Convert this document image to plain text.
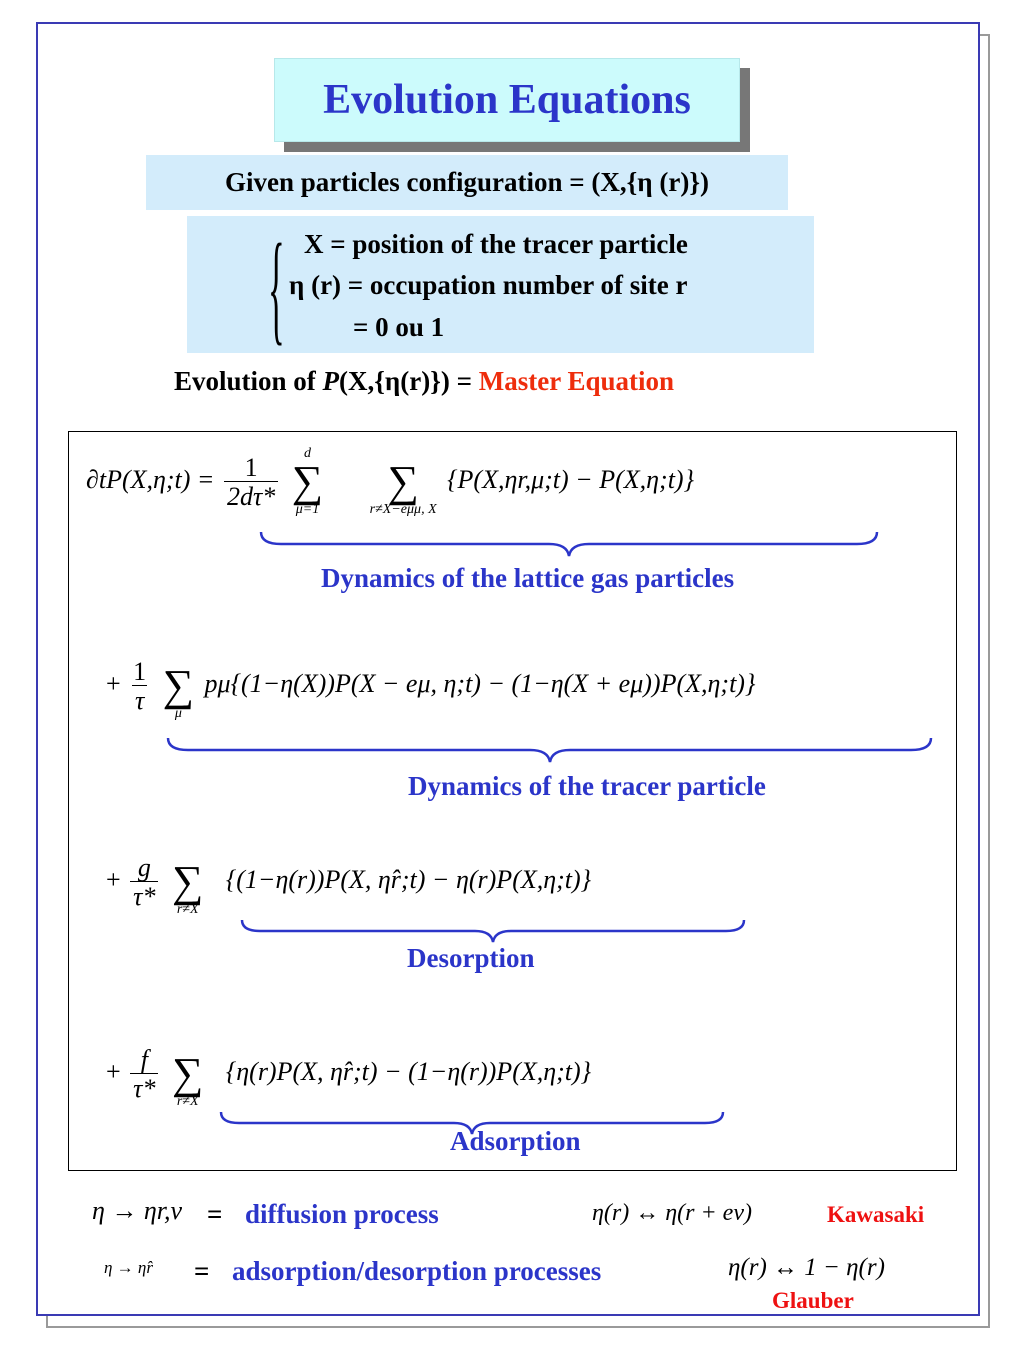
Evolution Equations
Given particles configuration = (X,{η (r)})
{ X = position of the tracer particle
η (r) = occupation number of site r
= 0 ou 1
Evolution of P(X,{η(r)}) = Master Equation
∂tP(X,η;t) = $\frac{1}{2d\tau*}$

d
∑
μ=1

∑
r≠X−eμμ, X
{P(X,ηr,μ;t) − P(X,η;t)}
Dynamics of the lattice gas particles
+ $\frac{1}{\tau}$

∑
μ
pμ{(1−η(X))P(X − eμ, η;t) − (1−η(X + eμ))P(X,η;t)}
Dynamics of the tracer particle
+ $\frac{g}{\tau*}$

∑
r≠X
{(1−η(r))P(X, η̂r;t) − η(r)P(X,η;t)}
Desorption
+ $\frac{f}{\tau*}$

∑
r≠X
{η(r)P(X, η̂r;t) − (1−η(r))P(X,η;t)}
Adsorption
η → ηr,ν = diffusion process	η(r) ↔ η(r + eν)	Kawasaki
η → η̂r = adsorption/desorption processes	η(r) ↔ 1 − η(r)
Glauber
